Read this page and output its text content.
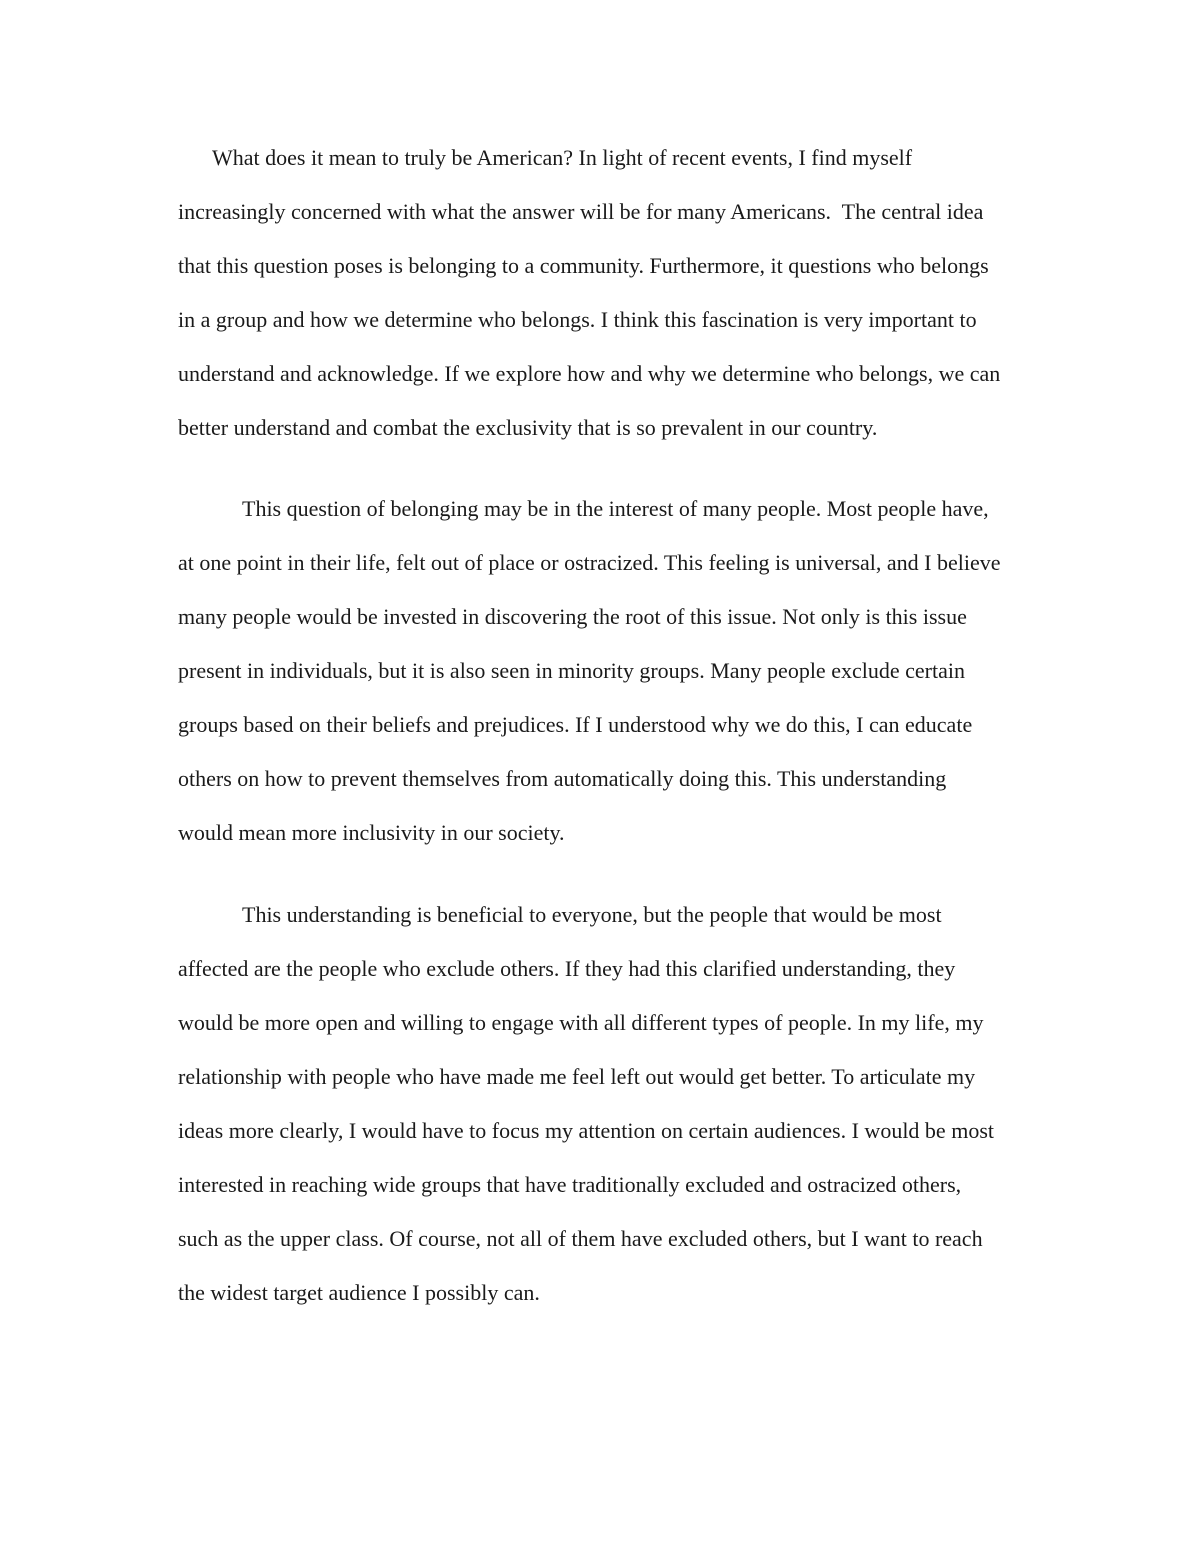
What does it mean to truly be American? In light of recent events, I find myself

increasingly concerned with what the answer will be for many Americans.  The central idea

that this question poses is belonging to a community. Furthermore, it questions who belongs

in a group and how we determine who belongs. I think this fascination is very important to

understand and acknowledge. If we explore how and why we determine who belongs, we can

better understand and combat the exclusivity that is so prevalent in our country.

This question of belonging may be in the interest of many people. Most people have,

at one point in their life, felt out of place or ostracized. This feeling is universal, and I believe

many people would be invested in discovering the root of this issue. Not only is this issue

present in individuals, but it is also seen in minority groups. Many people exclude certain

groups based on their beliefs and prejudices. If I understood why we do this, I can educate

others on how to prevent themselves from automatically doing this. This understanding

would mean more inclusivity in our society.

This understanding is beneficial to everyone, but the people that would be most

affected are the people who exclude others. If they had this clarified understanding, they

would be more open and willing to engage with all different types of people. In my life, my

relationship with people who have made me feel left out would get better. To articulate my

ideas more clearly, I would have to focus my attention on certain audiences. I would be most

interested in reaching wide groups that have traditionally excluded and ostracized others,

such as the upper class. Of course, not all of them have excluded others, but I want to reach

the widest target audience I possibly can.
